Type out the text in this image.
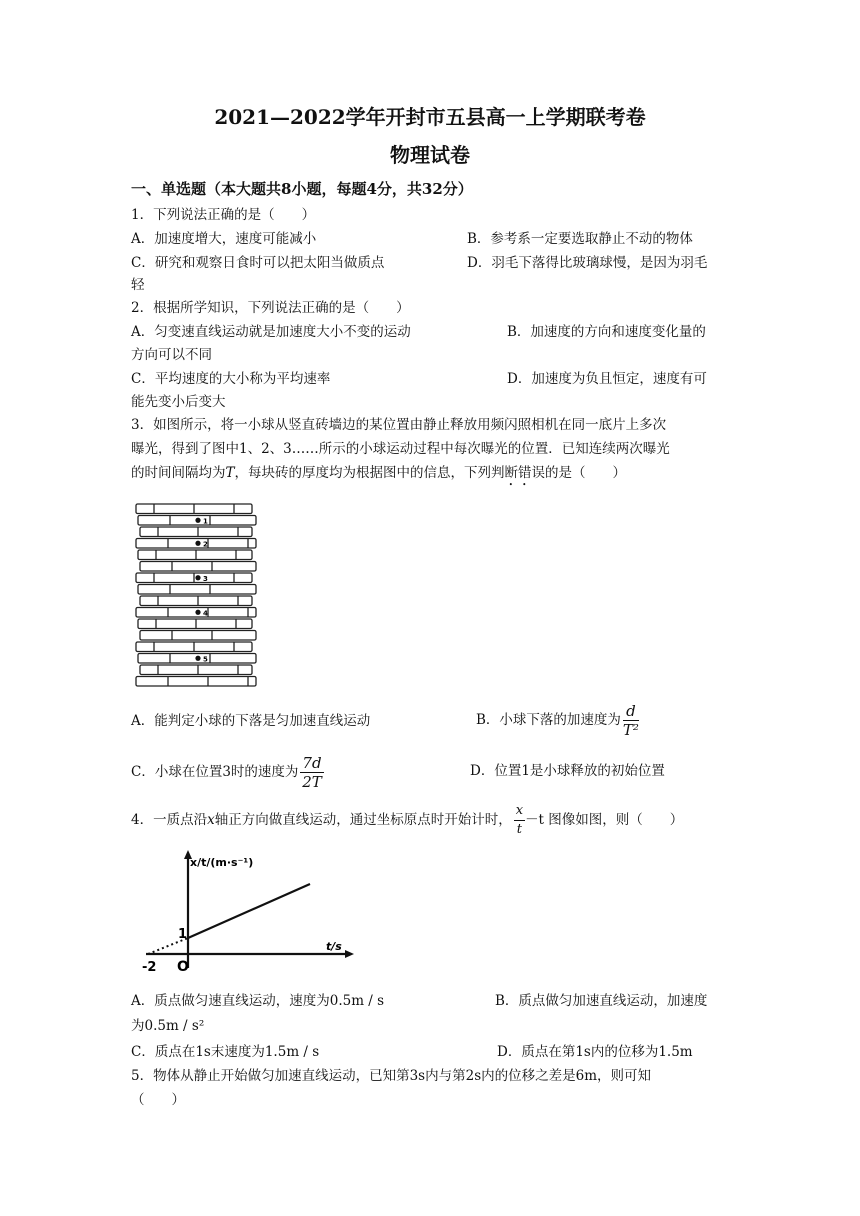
2021—2022学年开封市五县高一上学期联考卷
物理试卷
一、单选题（本大题共8小题，每题4分，共32分）
1．下列说法正确的是（　　）
A．加速度增大，速度可能减小	B．参考系一定要选取静止不动的物体
C．研究和观察日食时可以把太阳当做质点	D．羽毛下落得比玻璃球慢，是因为羽毛
轻
2．根据所学知识，下列说法正确的是（　　）
A．匀变速直线运动就是加速度大小不变的运动	B．加速度的方向和速度变化量的
方向可以不同
C．平均速度的大小称为平均速率	D．加速度为负且恒定，速度有可
能先变小后变大
3．如图所示，将一小球从竖直砖墙边的某位置由静止释放用频闪照相机在同一底片上多次
曝光，得到了图中1、2、3……所示的小球运动过程中每次曝光的位置．已知连续两次曝光
的时间间隔均为T，每块砖的厚度均为根据图中的信息，下列判断错误的是（　　）
1
2
3
4
5
A．能判定小球的下落是匀加速直线运动	B．小球下落的加速度为 $\frac{d}{\text{T²}}$
C．小球在位置3时的速度为 $\frac{7d}{2T}$	D．位置1是小球释放的初始位置
4．一质点沿x轴正方向做直线运动，通过坐标原点时开始计时， $\frac{x}{t} -t$ 图像如图，则（　　）
x/t/(m·s⁻¹)
t/s
1
O
-2
A．质点做匀速直线运动，速度为0.5m / s	B．质点做匀加速直线运动，加速度
为0.5m / s²
C．质点在1s末速度为1.5m / s	D．质点在第1s内的位移为1.5m
5．物体从静止开始做匀加速直线运动，已知第3s内与第2s内的位移之差是6m，则可知
（　　）
